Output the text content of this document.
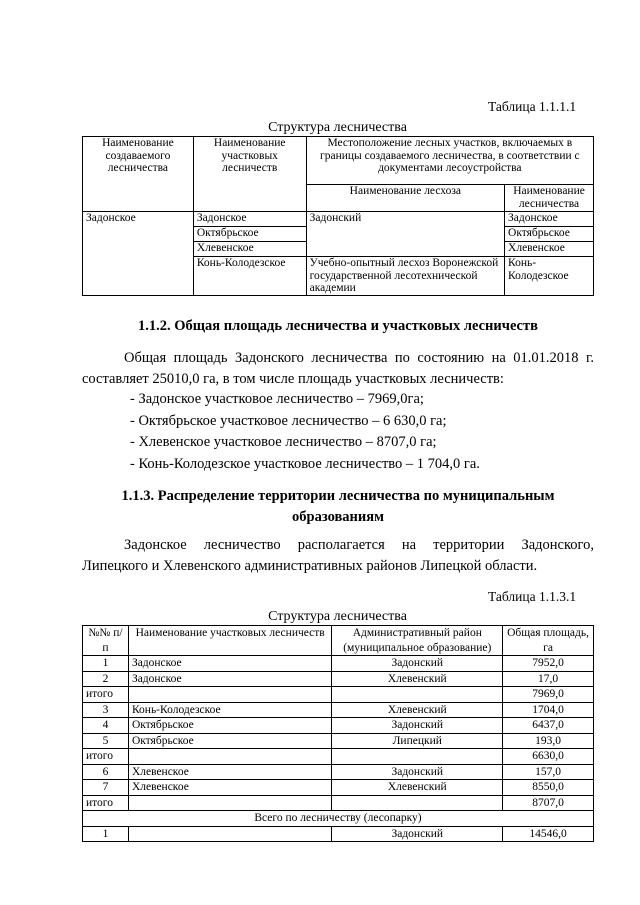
Таблица 1.1.1.1
Структура лесничества
Наименование создаваемого лесничества	Наименование участковых лесничеств	Местоположение лесных участков, включаемых в границы создаваемого лесничества, в соответствии с документами лесоустройства	
		Наименование лесхоза	Наименование лесничества
Задонское	Задонское	Задонский	Задонское
	Октябрьское		Октябрьское
	Хлевенское		Хлевенское
	Конь-Колодезское	Учебно-опытный лесхоз Воронежской государственной лесотехнической академии	Конь-Колодезское
1.1.2. Общая площадь лесничества и участковых лесничеств
Общая площадь Задонского лесничества по состоянию на 01.01.2018 г. составляет 25010,0 га, в том числе площадь участковых лесничеств:
- Задонское участковое лесничество – 7969,0га;
- Октябрьское участковое лесничество – 6 630,0 га;
- Хлевенское участковое лесничество – 8707,0 га;
- Конь-Колодезское участковое лесничество – 1 704,0 га.
1.1.3. Распределение территории лесничества по муниципальным
образованиям
Задонское лесничество располагается на территории Задонского, Липецкого и Хлевенского административных районов Липецкой области.
Таблица 1.1.3.1
Структура лесничества
№№ п/п	Наименование участковых лесничеств	Административный район (муниципальное образование)	Общая площадь, га
1	Задонское	Задонский	7952,0
2	Задонское	Хлевенский	17,0
итого			7969,0
3	Конь-Колодезское	Хлевенский	1704,0
4	Октябрьское	Задонский	6437,0
5	Октябрьское	Липецкий	193,0
итого			6630,0
6	Хлевенское	Задонский	157,0
7	Хлевенское	Хлевенский	8550,0
итого			8707,0
Всего по лесничеству (лесопарку)			
1		Задонский	14546,0
